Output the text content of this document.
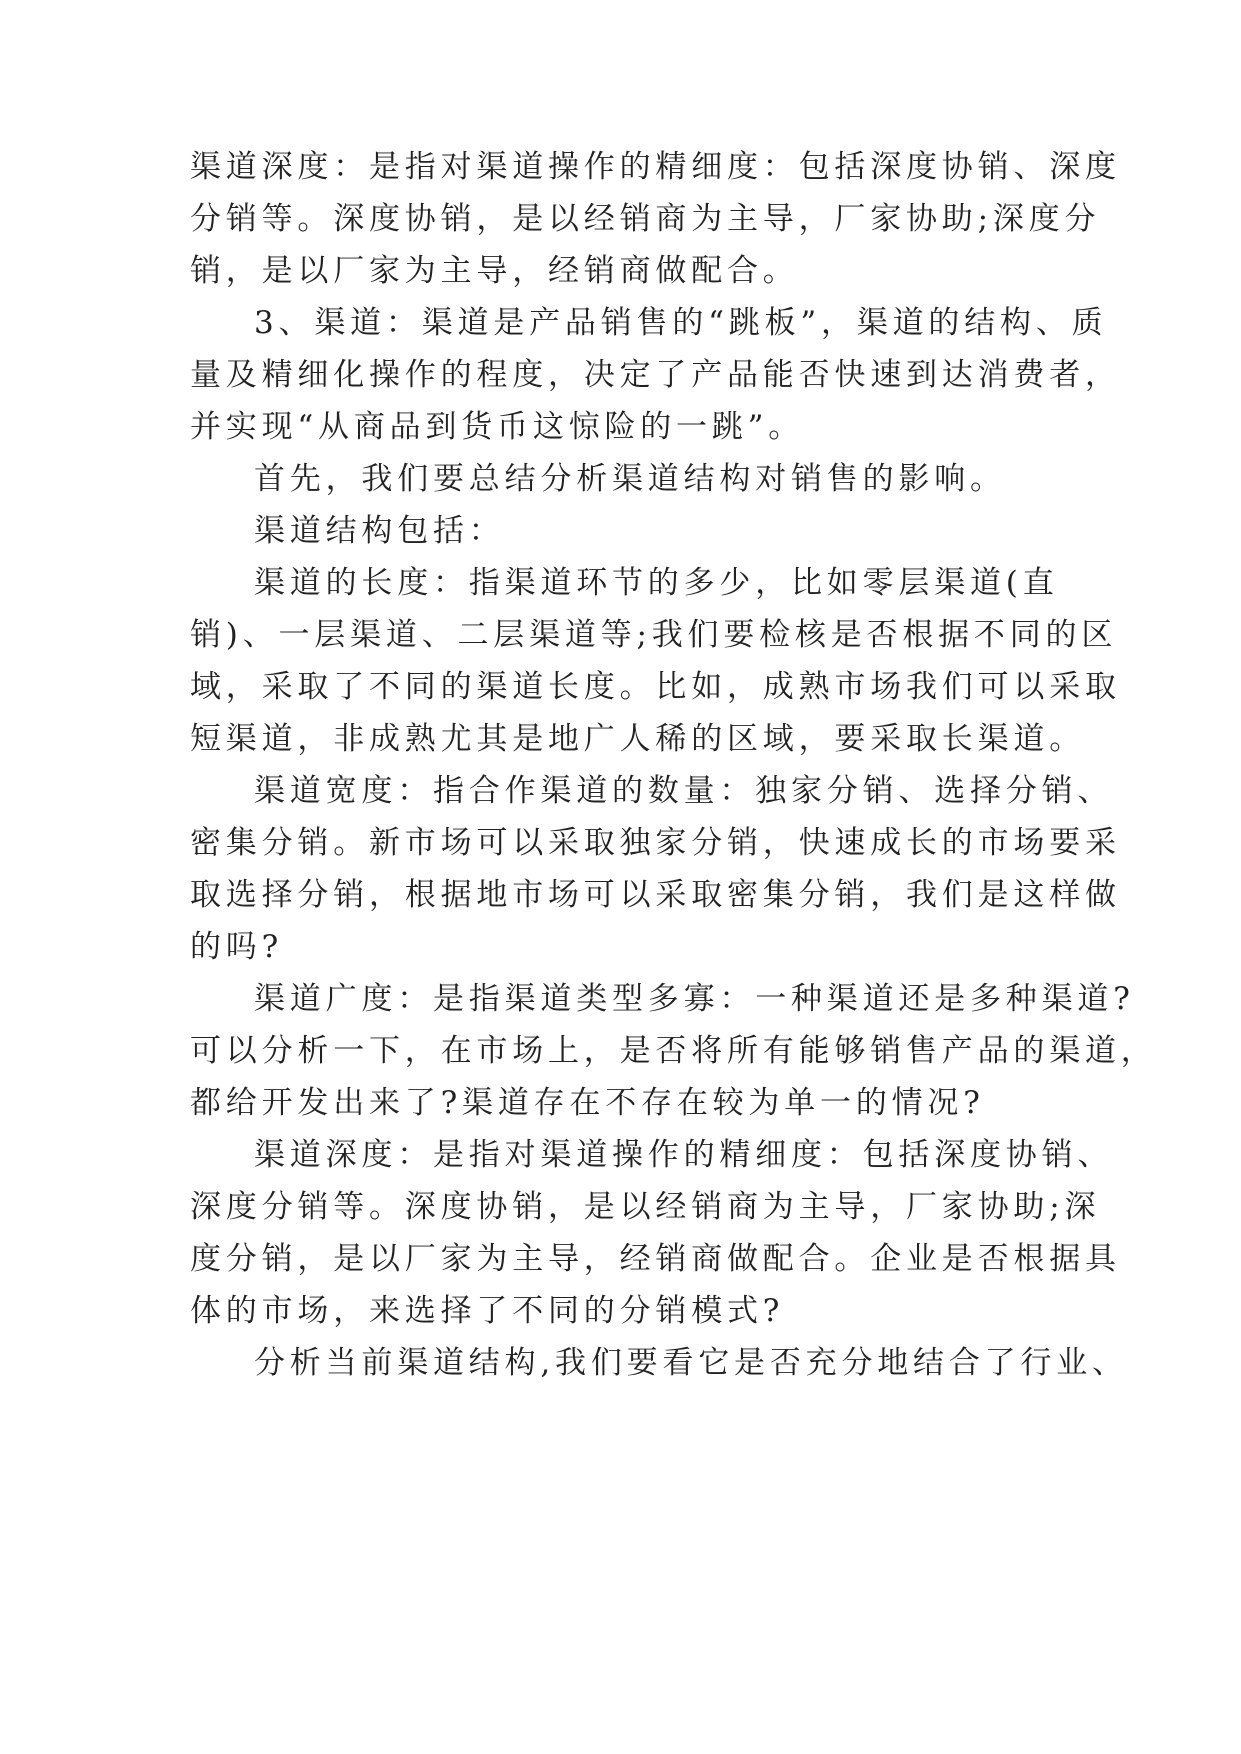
渠道深度：是指对渠道操作的精细度：包括深度协销、深度
分销等。深度协销，是以经销商为主导，厂家协助;深度分
销，是以厂家为主导，经销商做配合。
3、渠道：渠道是产品销售的“跳板”，渠道的结构、质
量及精细化操作的程度，决定了产品能否快速到达消费者，
并实现“从商品到货币这惊险的一跳”。
首先，我们要总结分析渠道结构对销售的影响。
渠道结构包括：
渠道的长度：指渠道环节的多少，比如零层渠道(直
销)、一层渠道、二层渠道等;我们要检核是否根据不同的区
域，采取了不同的渠道长度。比如，成熟市场我们可以采取
短渠道，非成熟尤其是地广人稀的区域，要采取长渠道。
渠道宽度：指合作渠道的数量：独家分销、选择分销、
密集分销。新市场可以采取独家分销，快速成长的市场要采
取选择分销，根据地市场可以采取密集分销，我们是这样做
的吗?
渠道广度：是指渠道类型多寡：一种渠道还是多种渠道?
可以分析一下，在市场上，是否将所有能够销售产品的渠道，
都给开发出来了?渠道存在不存在较为单一的情况?
渠道深度：是指对渠道操作的精细度：包括深度协销、
深度分销等。深度协销，是以经销商为主导，厂家协助;深
度分销，是以厂家为主导，经销商做配合。企业是否根据具
体的市场，来选择了不同的分销模式?
分析当前渠道结构,我们要看它是否充分地结合了行业、
